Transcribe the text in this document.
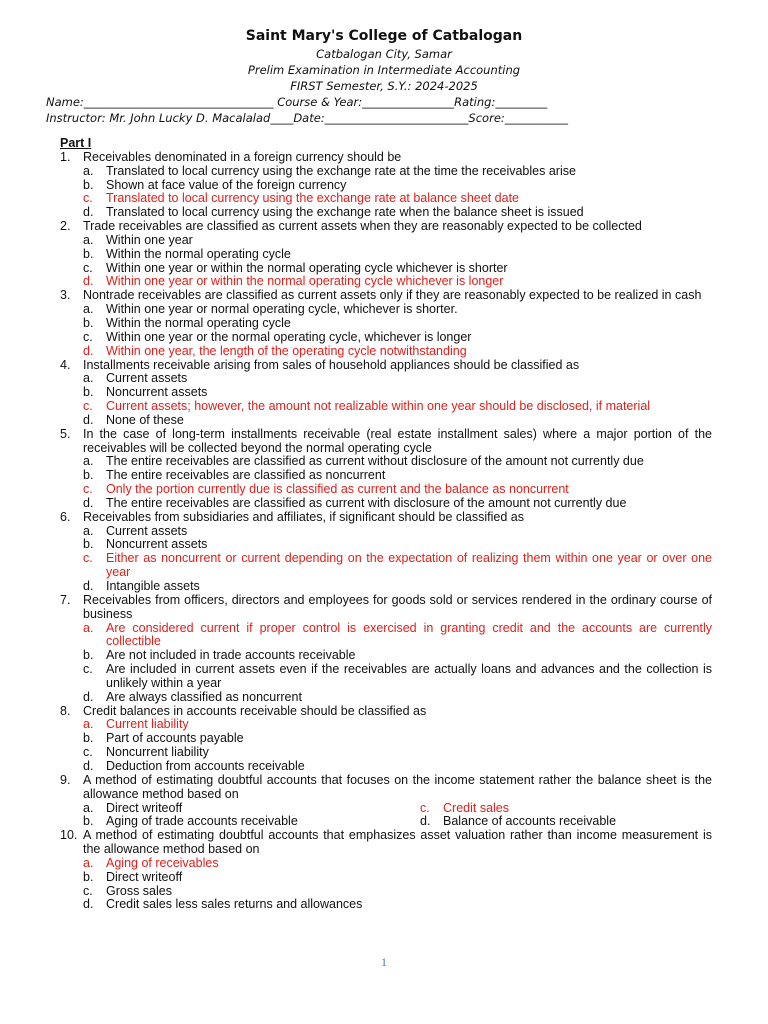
Saint Mary's College of Catbalogan
Catbalogan City, Samar
Prelim Examination in Intermediate Accounting
FIRST Semester, S.Y.: 2024-2025
Name:_________________________________ Course & Year:________________Rating:_________
Instructor: Mr. John Lucky D. Macalalad____Date:_________________________Score:___________
Part I
1.	Receivables denominated in a foreign currency should be
a.	Translated to local currency using the exchange rate at the time the receivables arise
b.	Shown at face value of the foreign currency
c.	Translated to local currency using the exchange rate at balance sheet date
d.	Translated to local currency using the exchange rate when the balance sheet is issued
2.	Trade receivables are classified as current assets when they are reasonably expected to be collected
a.	Within one year
b.	Within the normal operating cycle
c.	Within one year or within the normal operating cycle whichever is shorter
d.	Within one year or within the normal operating cycle whichever is longer
3.	Nontrade receivables are classified as current assets only if they are reasonably expected to be realized in cash
a.	Within one year or normal operating cycle, whichever is shorter.
b.	Within the normal operating cycle
c.	Within one year or the normal operating cycle, whichever is longer
d.	Within one year, the length of the operating cycle notwithstanding
4.	Installments receivable arising from sales of household appliances should be classified as
a.	Current assets
b.	Noncurrent assets
c.	Current assets; however, the amount not realizable within one year should be disclosed, if material
d.	None of these
5.	In the case of long-term installments receivable (real estate installment sales) where a major portion of the receivables will be collected beyond the normal operating cycle
a.	The entire receivables are classified as current without disclosure of the amount not currently due
b.	The entire receivables are classified as noncurrent
c.	Only the portion currently due is classified as current and the balance as noncurrent
d.	The entire receivables are classified as current with disclosure of the amount not currently due
6.	Receivables from subsidiaries and affiliates, if significant should be classified as
a.	Current assets
b.	Noncurrent assets
c.	Either as noncurrent or current depending on the expectation of realizing them within one year or over one year
d.	Intangible assets
7.	Receivables from officers, directors and employees for goods sold or services rendered in the ordinary course of business
a.	Are considered current if proper control is exercised in granting credit and the accounts are currently collectible
b.	Are not included in trade accounts receivable
c.	Are included in current assets even if the receivables are actually loans and advances and the collection is unlikely within a year
d.	Are always classified as noncurrent
8.	Credit balances in accounts receivable should be classified as
a.	Current liability
b.	Part of accounts payable
c.	Noncurrent liability
d.	Deduction from accounts receivable
9.	A method of estimating doubtful accounts that focuses on the income statement rather the balance sheet is the allowance method based on
a.	Direct writeoff
b.	Aging of trade accounts receivable
c.	Credit sales
d.	Balance of accounts receivable
10. A method of estimating doubtful accounts that emphasizes asset valuation rather than income measurement is the allowance method based on
a.	Aging of receivables
b.	Direct writeoff
c.	Gross sales
d.	Credit sales less sales returns and allowances
1
